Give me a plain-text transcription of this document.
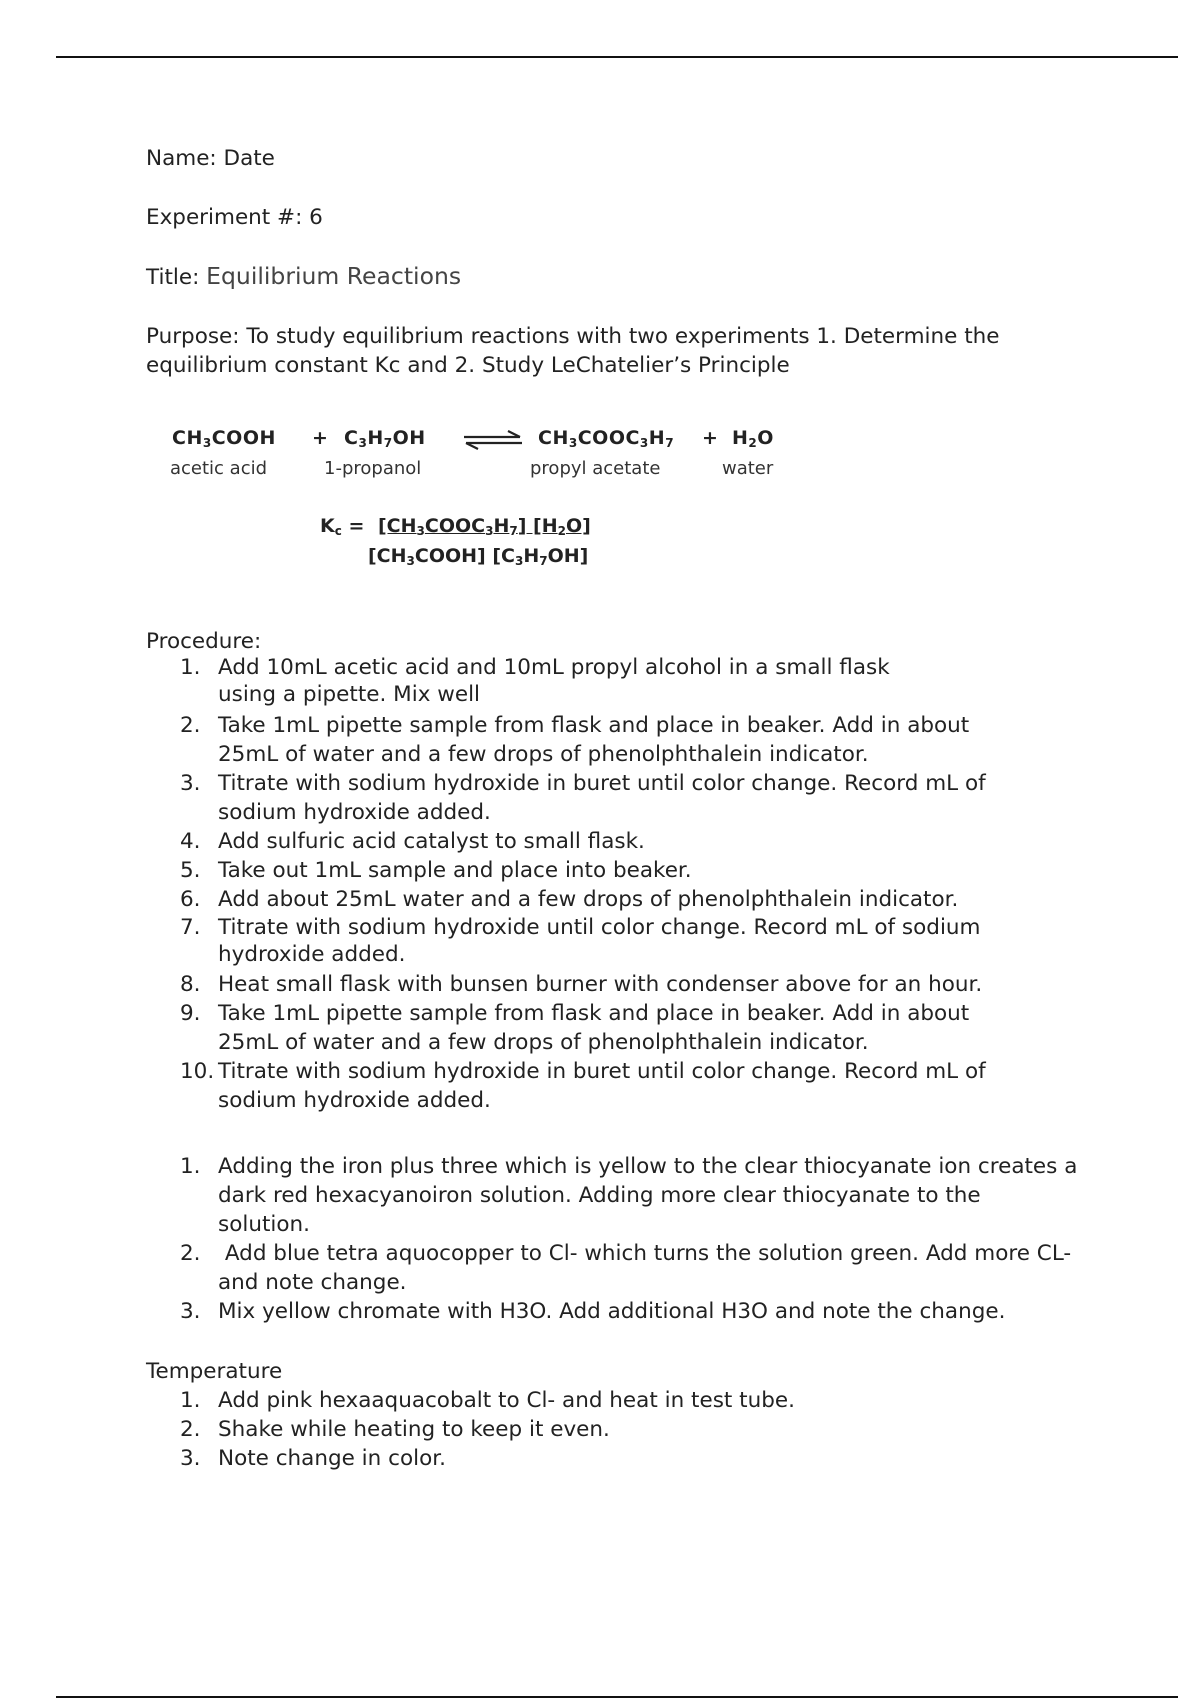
Name: Date
Experiment #: 6
Title: Equilibrium Reactions
Purpose: To study equilibrium reactions with two experiments 1. Determine the equilibrium constant Kc and 2. Study LeChatelier’s Principle
$CH_3COOH + C_3H_7OH$ ⇌ $CH_3COOC_3H_7 + H_2O$
acetic acid	1-propanol	propyl acetate	water
$K_c$ = $[CH_3COOC_3H_7]$ $[H_2O]$
$[CH_3COOH]$ $[C_3H_7OH]$
Procedure:
1. Add 10mL acetic acid and 10mL propyl alcohol in a small flask using a pipette. Mix well
2. Take 1mL pipette sample from flask and place in beaker. Add in about 25mL of water and a few drops of phenolphthalein indicator.
3. Titrate with sodium hydroxide in buret until color change. Record mL of sodium hydroxide added.
4. Add sulfuric acid catalyst to small flask.
5. Take out 1mL sample and place into beaker.
6. Add about 25mL water and a few drops of phenolphthalein indicator.
7. Titrate with sodium hydroxide until color change. Record mL of sodium hydroxide added.
8. Heat small flask with bunsen burner with condenser above for an hour.
9. Take 1mL pipette sample from flask and place in beaker. Add in about 25mL of water and a few drops of phenolphthalein indicator.
10. Titrate with sodium hydroxide in buret until color change. Record mL of sodium hydroxide added.
1. Adding the iron plus three which is yellow to the clear thiocyanate ion creates a dark red hexacyanoiron solution. Adding more clear thiocyanate to the solution.
2. Add blue tetra aquocopper to Cl- which turns the solution green. Add more CL- and note change.
3. Mix yellow chromate with H3O. Add additional H3O and note the change.
Temperature
1. Add pink hexaaquacobalt to Cl- and heat in test tube.
2. Shake while heating to keep it even.
3. Note change in color.
